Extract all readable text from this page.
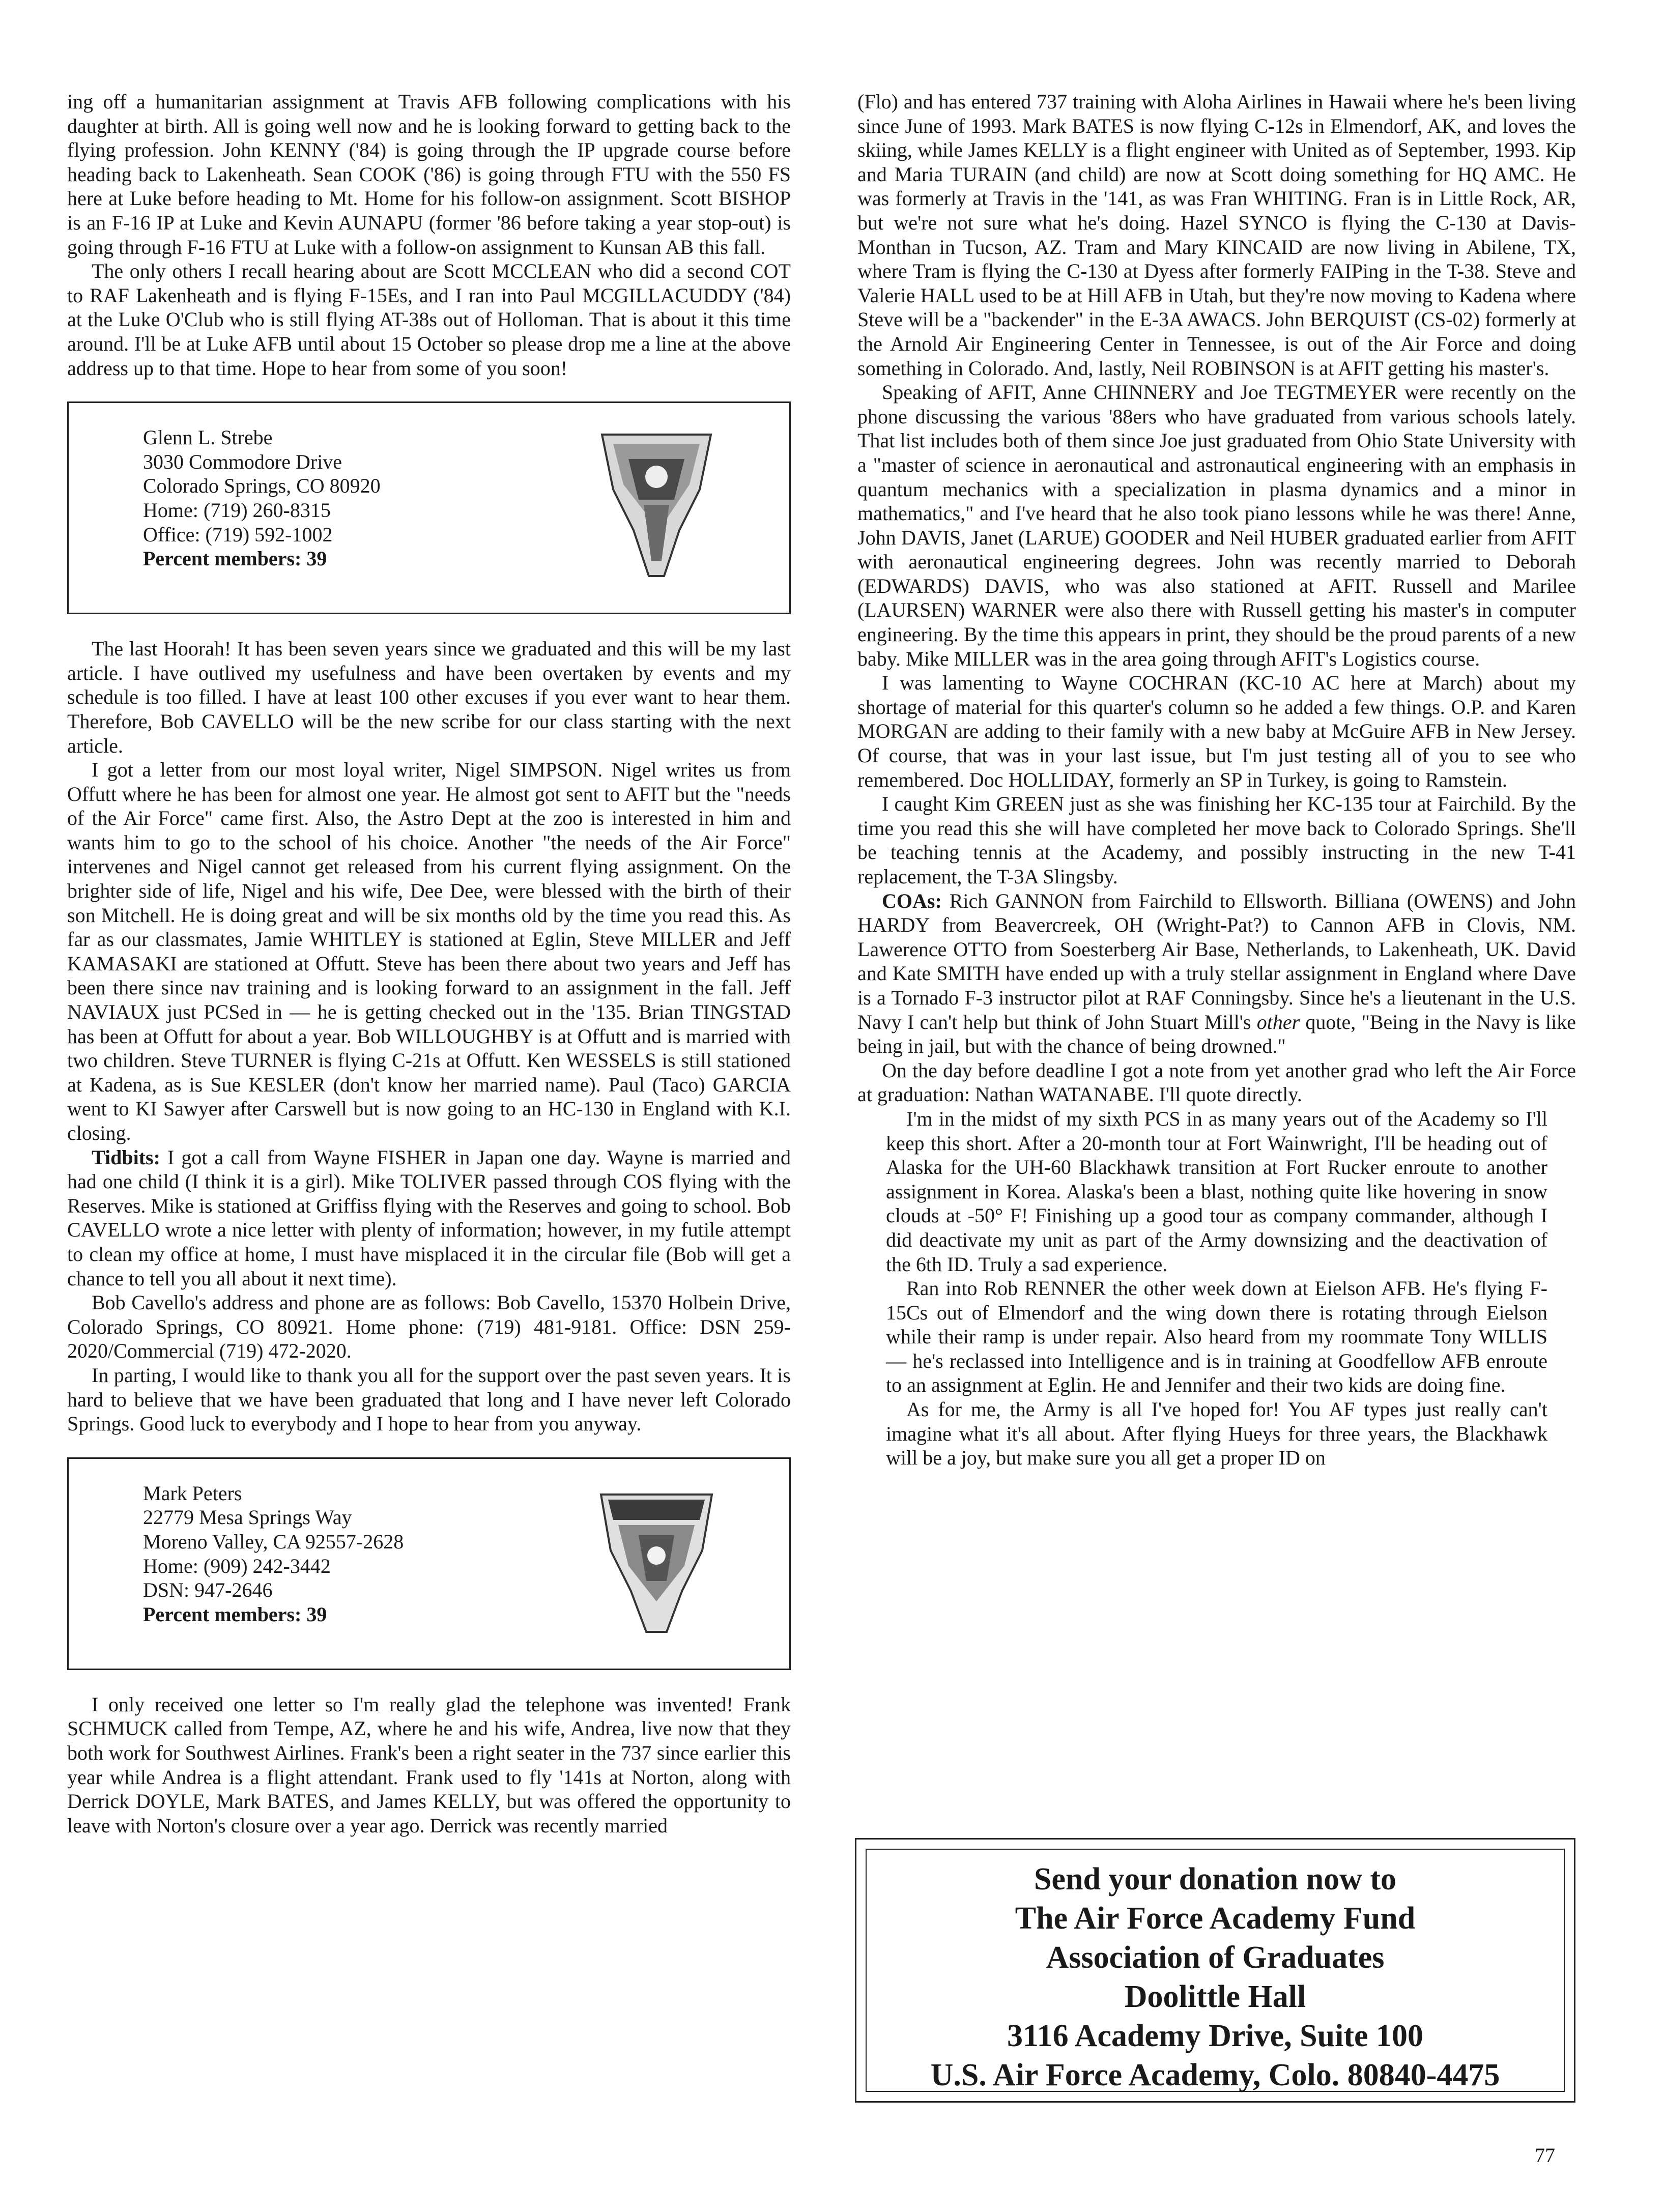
ing off a humanitarian assignment at Travis AFB following complications with his daughter at birth. All is going well now and he is looking forward to getting back to the flying profession. John KENNY ('84) is going through the IP upgrade course before heading back to Lakenheath. Sean COOK ('86) is going through FTU with the 550 FS here at Luke before heading to Mt. Home for his follow-on assignment. Scott BISHOP is an F-16 IP at Luke and Kevin AUNAPU (former '86 before taking a year stop-out) is going through F-16 FTU at Luke with a follow-on assignment to Kunsan AB this fall.

The only others I recall hearing about are Scott MCCLEAN who did a second COT to RAF Lakenheath and is flying F-15Es, and I ran into Paul MCGILLACUDDY ('84) at the Luke O'Club who is still flying AT-38s out of Holloman. That is about it this time around. I'll be at Luke AFB until about 15 October so please drop me a line at the above address up to that time. Hope to hear from some of you soon!

Glenn L. Strebe
3030 Commodore Drive
Colorado Springs, CO 80920
Home: (719) 260-8315
Office: (719) 592-1002
Percent members: 39

The last Hoorah! It has been seven years since we graduated and this will be my last article. I have outlived my usefulness and have been overtaken by events and my schedule is too filled. I have at least 100 other excuses if you ever want to hear them. Therefore, Bob CAVELLO will be the new scribe for our class starting with the next article.

I got a letter from our most loyal writer, Nigel SIMPSON. Nigel writes us from Offutt where he has been for almost one year. He almost got sent to AFIT but the "needs of the Air Force" came first. Also, the Astro Dept at the zoo is interested in him and wants him to go to the school of his choice. Another "the needs of the Air Force" intervenes and Nigel cannot get released from his current flying assignment. On the brighter side of life, Nigel and his wife, Dee Dee, were blessed with the birth of their son Mitchell. He is doing great and will be six months old by the time you read this. As far as our classmates, Jamie WHITLEY is stationed at Eglin, Steve MILLER and Jeff KAMASAKI are stationed at Offutt. Steve has been there about two years and Jeff has been there since nav training and is looking forward to an assignment in the fall. Jeff NAVIAUX just PCSed in — he is getting checked out in the '135. Brian TINGSTAD has been at Offutt for about a year. Bob WILLOUGHBY is at Offutt and is married with two children. Steve TURNER is flying C-21s at Offutt. Ken WESSELS is still stationed at Kadena, as is Sue KESLER (don't know her married name). Paul (Taco) GARCIA went to KI Sawyer after Carswell but is now going to an HC-130 in England with K.I. closing.

Tidbits: I got a call from Wayne FISHER in Japan one day. Wayne is married and had one child (I think it is a girl). Mike TOLIVER passed through COS flying with the Reserves. Mike is stationed at Griffiss flying with the Reserves and going to school. Bob CAVELLO wrote a nice letter with plenty of information; however, in my futile attempt to clean my office at home, I must have misplaced it in the circular file (Bob will get a chance to tell you all about it next time).

Bob Cavello's address and phone are as follows: Bob Cavello, 15370 Holbein Drive, Colorado Springs, CO 80921. Home phone: (719) 481-9181. Office: DSN 259-2020/Commercial (719) 472-2020.

In parting, I would like to thank you all for the support over the past seven years. It is hard to believe that we have been graduated that long and I have never left Colorado Springs. Good luck to everybody and I hope to hear from you anyway.

Mark Peters
22779 Mesa Springs Way
Moreno Valley, CA 92557-2628
Home: (909) 242-3442
DSN: 947-2646
Percent members: 39

I only received one letter so I'm really glad the telephone was invented! Frank SCHMUCK called from Tempe, AZ, where he and his wife, Andrea, live now that they both work for Southwest Airlines. Frank's been a right seater in the 737 since earlier this year while Andrea is a flight attendant. Frank used to fly '141s at Norton, along with Derrick DOYLE, Mark BATES, and James KELLY, but was offered the opportunity to leave with Norton's closure over a year ago. Derrick was recently married

(Flo) and has entered 737 training with Aloha Airlines in Hawaii where he's been living since June of 1993. Mark BATES is now flying C-12s in Elmendorf, AK, and loves the skiing, while James KELLY is a flight engineer with United as of September, 1993. Kip and Maria TURAIN (and child) are now at Scott doing something for HQ AMC. He was formerly at Travis in the '141, as was Fran WHITING. Fran is in Little Rock, AR, but we're not sure what he's doing. Hazel SYNCO is flying the C-130 at Davis-Monthan in Tucson, AZ. Tram and Mary KINCAID are now living in Abilene, TX, where Tram is flying the C-130 at Dyess after formerly FAIPing in the T-38. Steve and Valerie HALL used to be at Hill AFB in Utah, but they're now moving to Kadena where Steve will be a "backender" in the E-3A AWACS. John BERQUIST (CS-02) formerly at the Arnold Air Engineering Center in Tennessee, is out of the Air Force and doing something in Colorado. And, lastly, Neil ROBINSON is at AFIT getting his master's.

Speaking of AFIT, Anne CHINNERY and Joe TEGTMEYER were recently on the phone discussing the various '88ers who have graduated from various schools lately. That list includes both of them since Joe just graduated from Ohio State University with a "master of science in aeronautical and astronautical engineering with an emphasis in quantum mechanics with a specialization in plasma dynamics and a minor in mathematics," and I've heard that he also took piano lessons while he was there! Anne, John DAVIS, Janet (LARUE) GOODER and Neil HUBER graduated earlier from AFIT with aeronautical engineering degrees. John was recently married to Deborah (EDWARDS) DAVIS, who was also stationed at AFIT. Russell and Marilee (LAURSEN) WARNER were also there with Russell getting his master's in computer engineering. By the time this appears in print, they should be the proud parents of a new baby. Mike MILLER was in the area going through AFIT's Logistics course.

I was lamenting to Wayne COCHRAN (KC-10 AC here at March) about my shortage of material for this quarter's column so he added a few things. O.P. and Karen MORGAN are adding to their family with a new baby at McGuire AFB in New Jersey. Of course, that was in your last issue, but I'm just testing all of you to see who remembered. Doc HOLLIDAY, formerly an SP in Turkey, is going to Ramstein.

I caught Kim GREEN just as she was finishing her KC-135 tour at Fairchild. By the time you read this she will have completed her move back to Colorado Springs. She'll be teaching tennis at the Academy, and possibly instructing in the new T-41 replacement, the T-3A Slingsby.

COAs: Rich GANNON from Fairchild to Ellsworth. Billiana (OWENS) and John HARDY from Beavercreek, OH (Wright-Pat?) to Cannon AFB in Clovis, NM. Lawerence OTTO from Soesterberg Air Base, Netherlands, to Lakenheath, UK. David and Kate SMITH have ended up with a truly stellar assignment in England where Dave is a Tornado F-3 instructor pilot at RAF Conningsby. Since he's a lieutenant in the U.S. Navy I can't help but think of John Stuart Mill's other quote, "Being in the Navy is like being in jail, but with the chance of being drowned."

On the day before deadline I got a note from yet another grad who left the Air Force at graduation: Nathan WATANABE. I'll quote directly.

I'm in the midst of my sixth PCS in as many years out of the Academy so I'll keep this short. After a 20-month tour at Fort Wainwright, I'll be heading out of Alaska for the UH-60 Blackhawk transition at Fort Rucker enroute to another assignment in Korea. Alaska's been a blast, nothing quite like hovering in snow clouds at -50° F! Finishing up a good tour as company commander, although I did deactivate my unit as part of the Army downsizing and the deactivation of the 6th ID. Truly a sad experience.

Ran into Rob RENNER the other week down at Eielson AFB. He's flying F-15Cs out of Elmendorf and the wing down there is rotating through Eielson while their ramp is under repair. Also heard from my roommate Tony WILLIS — he's reclassed into Intelligence and is in training at Goodfellow AFB enroute to an assignment at Eglin. He and Jennifer and their two kids are doing fine.

As for me, the Army is all I've hoped for! You AF types just really can't imagine what it's all about. After flying Hueys for three years, the Blackhawk will be a joy, but make sure you all get a proper ID on

Send your donation now to
The Air Force Academy Fund
Association of Graduates
Doolittle Hall
3116 Academy Drive, Suite 100
U.S. Air Force Academy, Colo. 80840-4475
77
